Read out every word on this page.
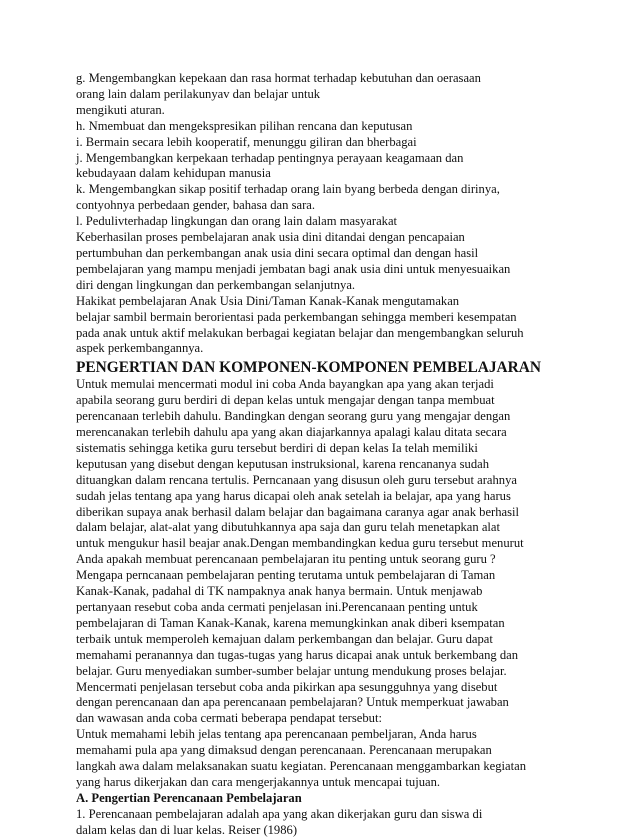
g. Mengembangkan kepekaan dan rasa hormat terhadap kebutuhan dan oerasaan
orang lain dalam perilakunyav dan belajar untuk
mengikuti aturan.
h. Nmembuat dan mengekspresikan pilihan rencana dan keputusan
i. Bermain secara lebih kooperatif, menunggu giliran dan bherbagai
j. Mengembangkan kerpekaan terhadap pentingnya perayaan keagamaan dan
kebudayaan dalam kehidupan manusia
k. Mengembangkan sikap positif terhadap orang lain byang berbeda dengan dirinya,
contyohnya perbedaan gender, bahasa dan sara.
l. Pedulivterhadap lingkungan dan orang lain dalam masyarakat
Keberhasilan proses pembelajaran anak usia dini ditandai dengan pencapaian
pertumbuhan dan perkembangan anak usia dini secara optimal dan dengan hasil
pembelajaran yang mampu menjadi jembatan bagi anak usia dini untuk menyesuaikan
diri dengan lingkungan dan perkembangan selanjutnya.
Hakikat pembelajaran Anak Usia Dini/Taman Kanak-Kanak mengutamakan
belajar sambil bermain berorientasi pada perkembangan sehingga memberi kesempatan
pada anak untuk aktif melakukan berbagai kegiatan belajar dan mengembangkan seluruh
aspek perkembangannya.
PENGERTIAN DAN KOMPONEN-KOMPONEN PEMBELAJARAN
Untuk memulai mencermati modul ini coba Anda bayangkan apa yang akan terjadi
apabila seorang guru berdiri di depan kelas untuk mengajar dengan tanpa membuat
perencanaan terlebih dahulu. Bandingkan dengan seorang guru yang mengajar dengan
merencanakan terlebih dahulu apa yang akan diajarkannya apalagi kalau ditata secara
sistematis sehingga ketika guru tersebut berdiri di depan kelas Ia telah memiliki
keputusan yang disebut dengan keputusan instruksional, karena rencananya sudah
dituangkan dalam rencana tertulis. Perncanaan yang disusun oleh guru tersebut arahnya
sudah jelas tentang apa yang harus dicapai oleh anak setelah ia belajar, apa yang harus
diberikan supaya anak berhasil dalam belajar dan bagaimana caranya agar anak berhasil
dalam belajar, alat-alat yang dibutuhkannya apa saja dan guru telah menetapkan alat
untuk mengukur hasil beajar anak.Dengan membandingkan kedua guru tersebut menurut
Anda apakah membuat perencanaan pembelajaran itu penting untuk seorang guru ?
Mengapa perncanaan pembelajaran penting terutama untuk pembelajaran di Taman
Kanak-Kanak, padahal di TK nampaknya anak hanya bermain. Untuk menjawab
pertanyaan resebut coba anda cermati penjelasan ini.Perencanaan penting untuk
pembelajaran di Taman Kanak-Kanak, karena memungkinkan anak diberi ksempatan
terbaik untuk memperoleh kemajuan dalam perkembangan dan belajar. Guru dapat
memahami peranannya dan tugas-tugas yang harus dicapai anak untuk berkembang dan
belajar. Guru menyediakan sumber-sumber belajar untung mendukung proses belajar.
Mencermati penjelasan tersebut coba anda pikirkan apa sesungguhnya yang disebut
dengan perencanaan dan apa perencanaan pembelajaran? Untuk memperkuat jawaban
dan wawasan anda coba cermati beberapa pendapat tersebut:
Untuk memahami lebih jelas tentang apa perencanaan pembeljaran, Anda harus
memahami pula apa yang dimaksud dengan perencanaan. Perencanaan merupakan
langkah awa dalam melaksanakan suatu kegiatan. Perencanaan menggambarkan kegiatan
yang harus dikerjakan dan cara mengerjakannya untuk mencapai tujuan.
A. Pengertian Perencanaan Pembelajaran
1. Perencanaan pembelajaran adalah apa yang akan dikerjakan guru dan siswa di
dalam kelas dan di luar kelas. Reiser (1986)
